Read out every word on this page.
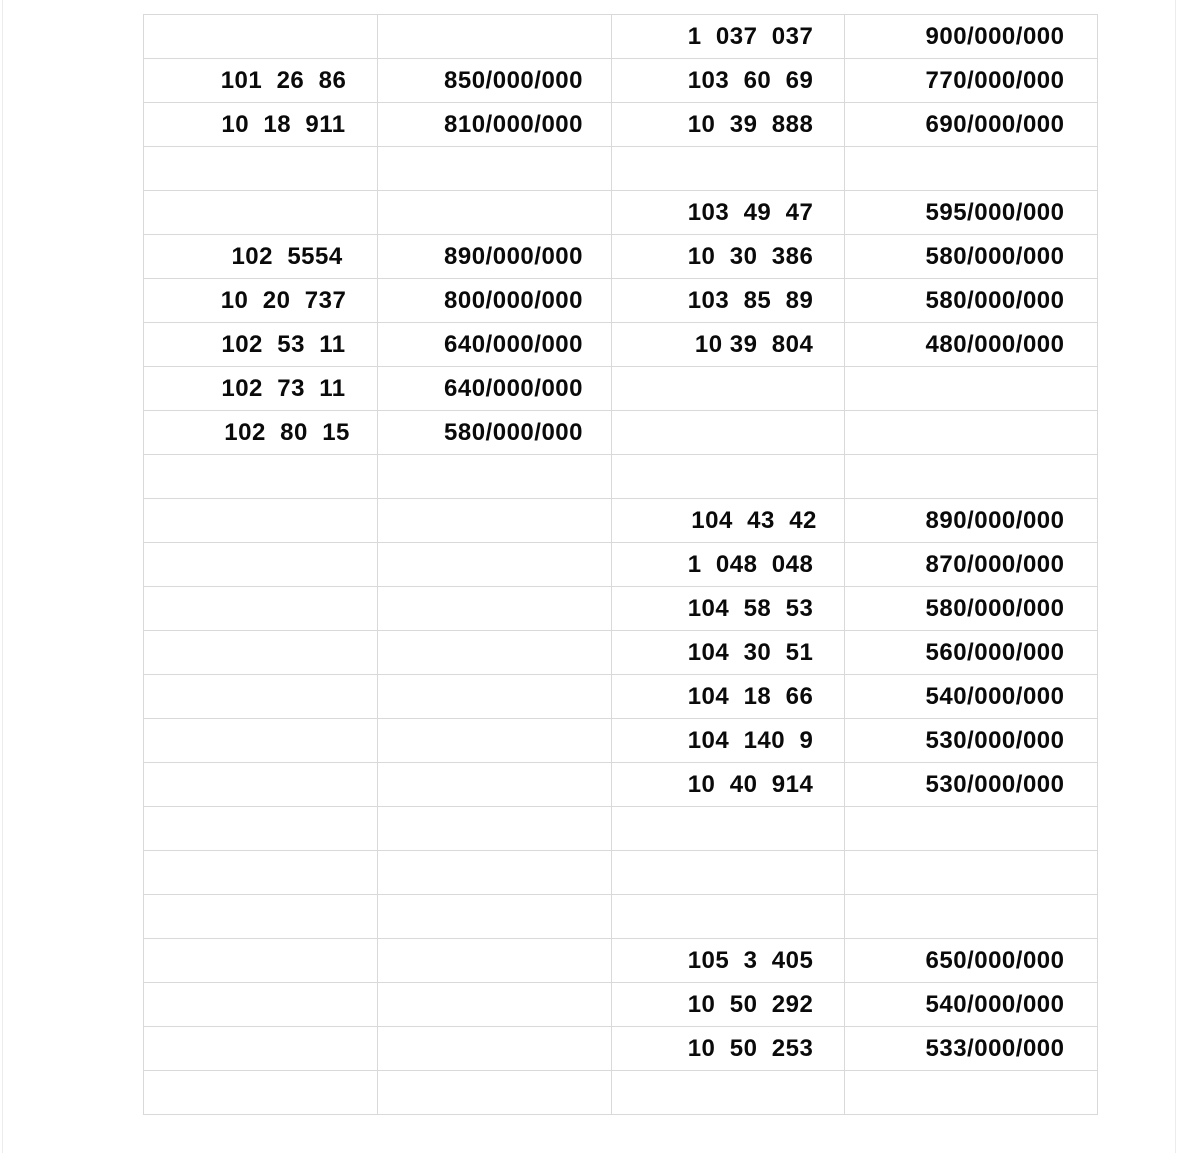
		1  037  037	900/000/000
101  26  86	850/000/000	103  60  69	770/000/000
10  18  911	810/000/000	10  39  888	690/000/000

		103  49  47	595/000/000
102  5554	890/000/000	10  30  386	580/000/000
10  20  737	800/000/000	103  85  89	580/000/000
102  53  11	640/000/000	10 39  804	480/000/000
102  73  11	640/000/000		
102  80  15	580/000/000		

		104  43  42	890/000/000
		1  048  048	870/000/000
		104  58  53	580/000/000
		104  30  51	560/000/000
		104  18  66	540/000/000
		104  140  9	530/000/000
		10  40  914	530/000/000

		105  3  405	650/000/000
		10  50  292	540/000/000
		10  50  253	533/000/000
